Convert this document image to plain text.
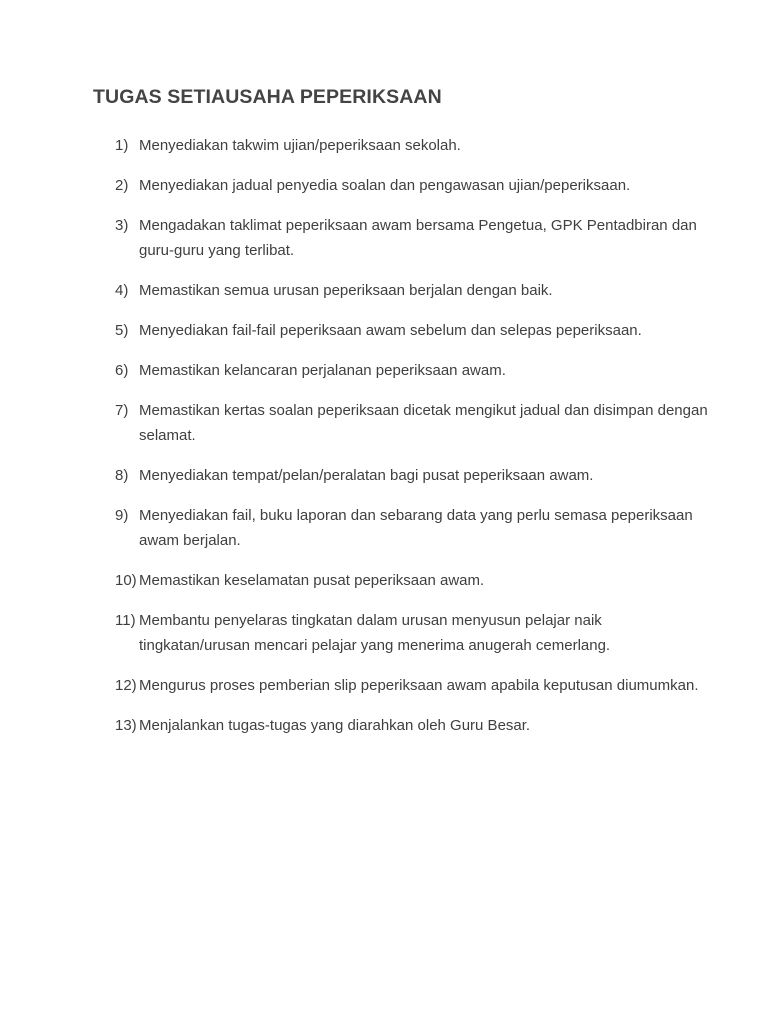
TUGAS SETIAUSAHA PEPERIKSAAN
1) Menyediakan takwim ujian/peperiksaan sekolah.
2) Menyediakan jadual penyedia soalan dan pengawasan ujian/peperiksaan.
3) Mengadakan taklimat peperiksaan awam bersama Pengetua, GPK Pentadbiran dan guru-guru yang terlibat.
4) Memastikan semua urusan peperiksaan berjalan dengan baik.
5) Menyediakan fail-fail peperiksaan awam sebelum dan selepas peperiksaan.
6) Memastikan kelancaran perjalanan peperiksaan awam.
7) Memastikan kertas soalan peperiksaan dicetak mengikut jadual dan disimpan dengan selamat.
8) Menyediakan tempat/pelan/peralatan bagi pusat peperiksaan awam.
9) Menyediakan fail, buku laporan dan sebarang data yang perlu semasa peperiksaan awam berjalan.
10) Memastikan keselamatan pusat peperiksaan awam.
11) Membantu penyelaras tingkatan dalam urusan menyusun pelajar naik tingkatan/urusan mencari pelajar yang menerima anugerah cemerlang.
12) Mengurus proses pemberian slip peperiksaan awam apabila keputusan diumumkan.
13) Menjalankan tugas-tugas yang diarahkan oleh Guru Besar.
